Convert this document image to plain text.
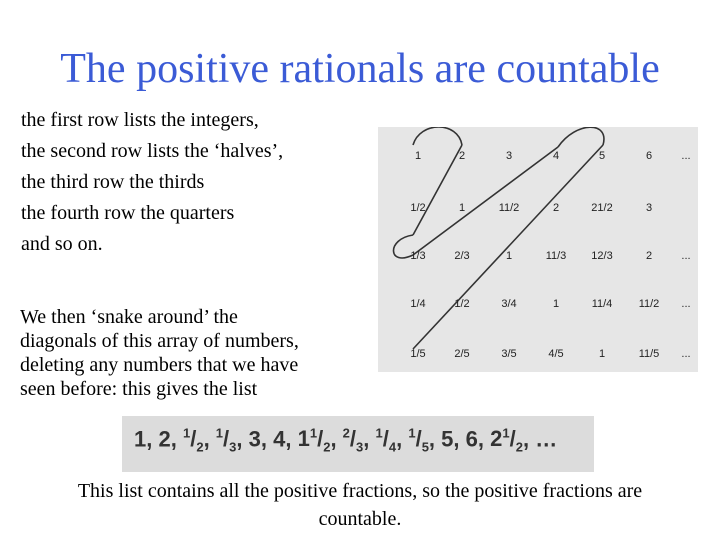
The positive rationals are countable
the first row lists the integers,
the second row lists the ‘halves’,
the third row the thirds
the fourth row the quarters
and so on.
We then ‘snake around’ the
diagonals of this array of numbers,
deleting any numbers that we have
seen before: this gives the list
1	2	3	4	5	6	...
1/2	1	11/2	2	21/2	3
1/3	2/3	1	11/3	12/3	2	...
1/4	1/2	3/4	1	11/4	11/2	...
1/5	2/5	3/5	4/5	1	11/5	...
1, 2, $^1/_2$, $^1/_3$, 3, 4, $1^1/_2$, $^2/_3$, $^1/_4$, $^1/_5$, 5, 6, $2^1/_2$, …
This list contains all the positive fractions, so the positive fractions are
countable.
